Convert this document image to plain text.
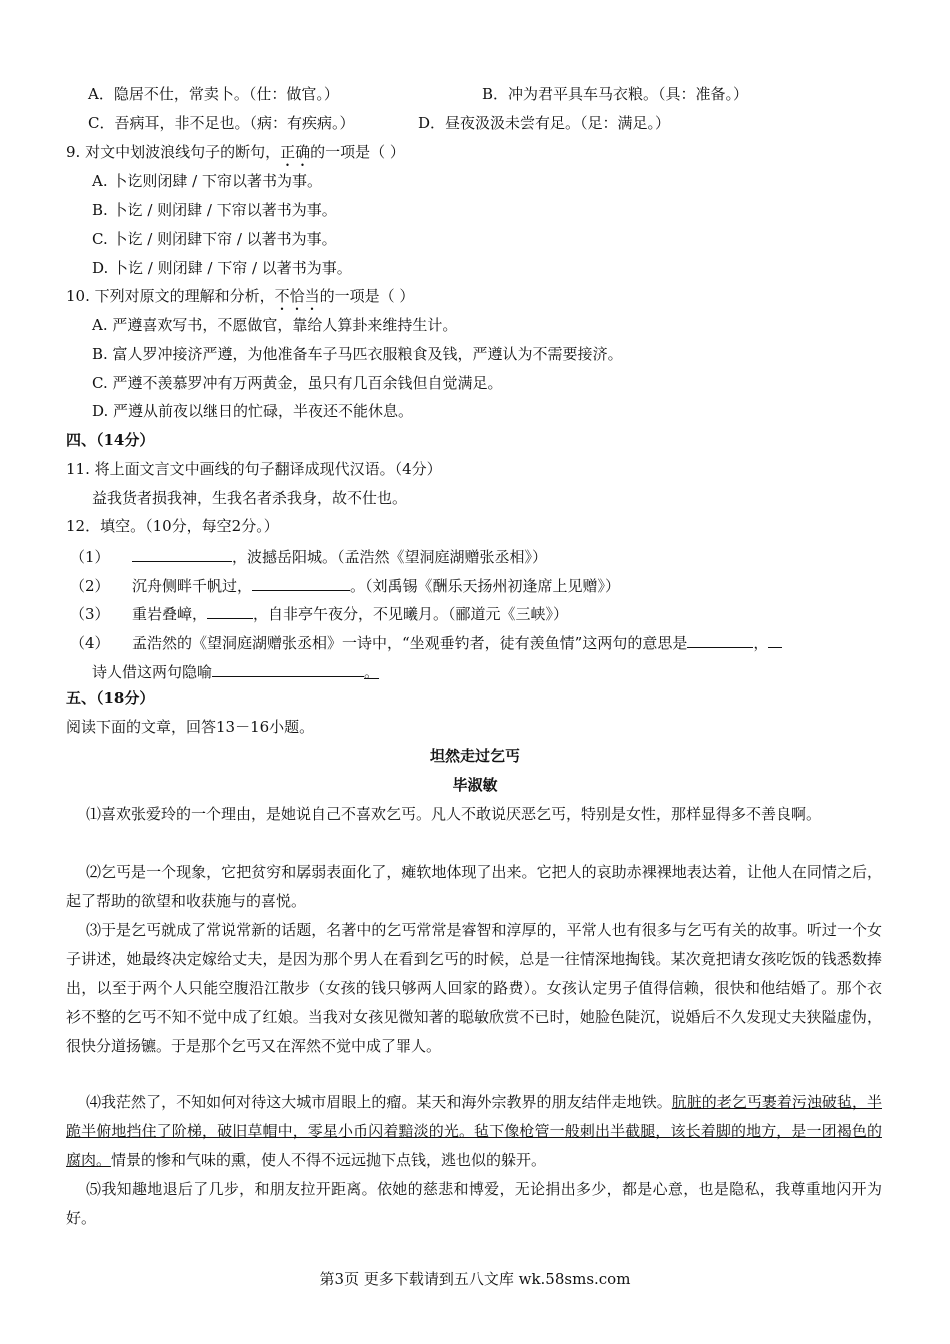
A．隐居不仕，常卖卜。（仕：做官。）	B．冲为君平具车马衣粮。（具：准备。）
C．吾病耳，非不足也。（病：有疾病。）	D．昼夜汲汲未尝有足。（足：满足。）
9. 对文中划波浪线句子的断句，正确的一项是（ ）
A. 卜讫则闭肆 / 下帘以著书为事。
B. 卜讫 / 则闭肆 / 下帘以著书为事。
C. 卜讫 / 则闭肆下帘 / 以著书为事。
D. 卜讫 / 则闭肆 / 下帘 / 以著书为事。
10. 下列对原文的理解和分析，不恰当的一项是（ ）
A. 严遵喜欢写书，不愿做官，靠给人算卦来维持生计。
B. 富人罗冲接济严遵，为他准备车子马匹衣服粮食及钱，严遵认为不需要接济。
C. 严遵不羡慕罗冲有万两黄金，虽只有几百余钱但自觉满足。
D. 严遵从前夜以继日的忙碌，半夜还不能休息。
四、（14分）
11. 将上面文言文中画线的句子翻译成现代汉语。（4分）
益我货者损我神，生我名者杀我身，故不仕也。
12．填空。（10分，每空2分。）
（1）	，波撼岳阳城。（孟浩然《望洞庭湖赠张丞相》）
（2） 沉舟侧畔千帆过，	。（刘禹锡《酬乐天扬州初逢席上见赠》）
（3） 重岩叠嶂，	，自非亭午夜分，不见曦月。（郦道元《三峡》）
（4） 孟浩然的《望洞庭湖赠张丞相》一诗中，“坐观垂钓者，徒有羡鱼情”这两句的意思是	，
诗人借这两句隐喻	。
五、（18分）
阅读下面的文章，回答13－16小题。
坦然走过乞丐
毕淑敏
⑴喜欢张爱玲的一个理由，是她说自己不喜欢乞丐。凡人不敢说厌恶乞丐，特别是女性，那样显得多不善良啊。
⑵乞丐是一个现象，它把贫穷和孱弱表面化了，瘫软地体现了出来。它把人的哀助赤裸裸地表达着，让他人在同情之后，起了帮助的欲望和收获施与的喜悦。
⑶于是乞丐就成了常说常新的话题，名著中的乞丐常常是睿智和淳厚的，平常人也有很多与乞丐有关的故事。听过一个女子讲述，她最终决定嫁给丈夫，是因为那个男人在看到乞丐的时候，总是一往情深地掏钱。某次竟把请女孩吃饭的钱悉数捧出，以至于两个人只能空腹沿江散步（女孩的钱只够两人回家的路费）。女孩认定男子值得信赖，很快和他结婚了。那个衣衫不整的乞丐不知不觉中成了红娘。当我对女孩见微知著的聪敏欣赏不已时，她脸色陡沉，说婚后不久发现丈夫狭隘虚伪，很快分道扬镳。于是那个乞丐又在浑然不觉中成了罪人。
⑷我茫然了，不知如何对待这大城市眉眼上的瘤。某天和海外宗教界的朋友结伴走地铁。肮脏的老乞丐裹着污浊破毡，半跪半俯地挡住了阶梯，破旧草帽中，零星小币闪着黯淡的光。毡下像枪管一般刺出半截腿，该长着脚的地方，是一团褐色的腐肉。情景的惨和气味的熏，使人不得不远远抛下点钱，逃也似的躲开。
⑸我知趣地退后了几步，和朋友拉开距离。依她的慈悲和博爱，无论捐出多少，都是心意，也是隐私，我尊重地闪开为好。
第3页 更多下载请到五八文库 wk.58sms.com
